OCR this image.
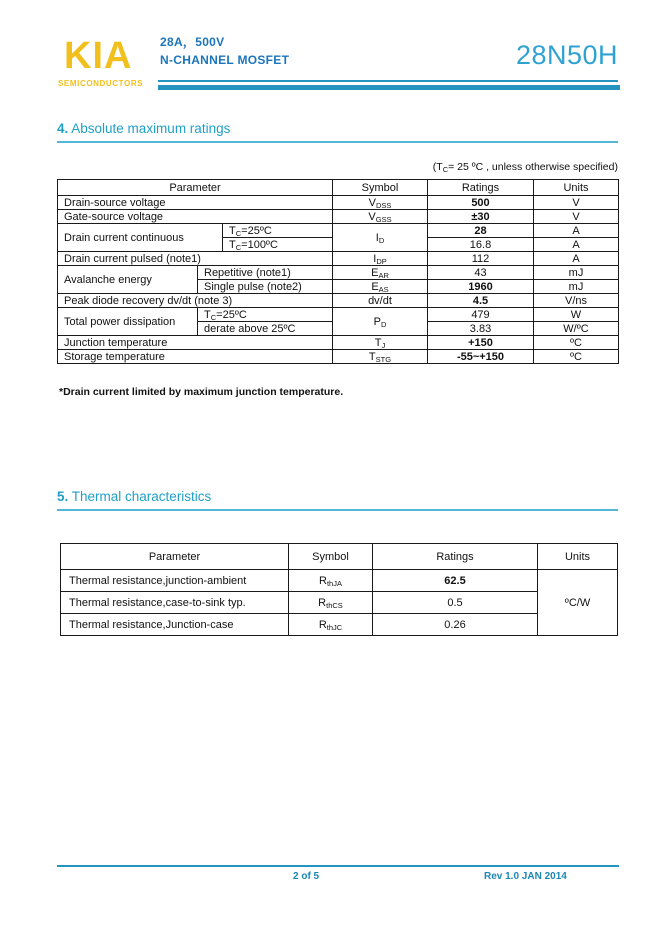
KIA
SEMICONDUCTORS
28A，500V
N-CHANNEL MOSFET	28N50H
4. Absolute maximum ratings
($T_C= 25$ ºC , unless otherwise specified)
Parameter			Symbol	Ratings	Units
Drain-source voltage			$V_{DSS}$	500	V
Gate-source voltage			$V_{GSS}$	±30	V
Drain current continuous		$T_C=25ºC$	$I_D$	28	A
		$T_C=100ºC$		16.8	A
Drain current pulsed (note1)			$I_{DP}$	112	A
Avalanche energy	Repetitive (note1)		$E_{AR}$	43	mJ
	Single pulse (note2)		$E_{AS}$	1960	mJ
Peak diode recovery dv/dt (note 3)			dv/dt	4.5	V/ns
Total power dissipation	$T_C=25ºC$		$P_D$	479	W
	derate above 25ºC			3.83	W/ºC
Junction temperature			$T_J$	+150	ºC
Storage temperature			$T_{STG}$	-55~+150	ºC
*Drain current limited by maximum junction temperature.
5. Thermal characteristics
Parameter	Symbol	Ratings	Units
Thermal resistance,junction-ambient	$R_{thJA}$	62.5	ºC/W
Thermal resistance,case-to-sink typ.	$R_{thCS}$	0.5	
Thermal resistance,Junction-case	$R_{thJC}$	0.26	
2 of 5	Rev 1.0 JAN 2014
